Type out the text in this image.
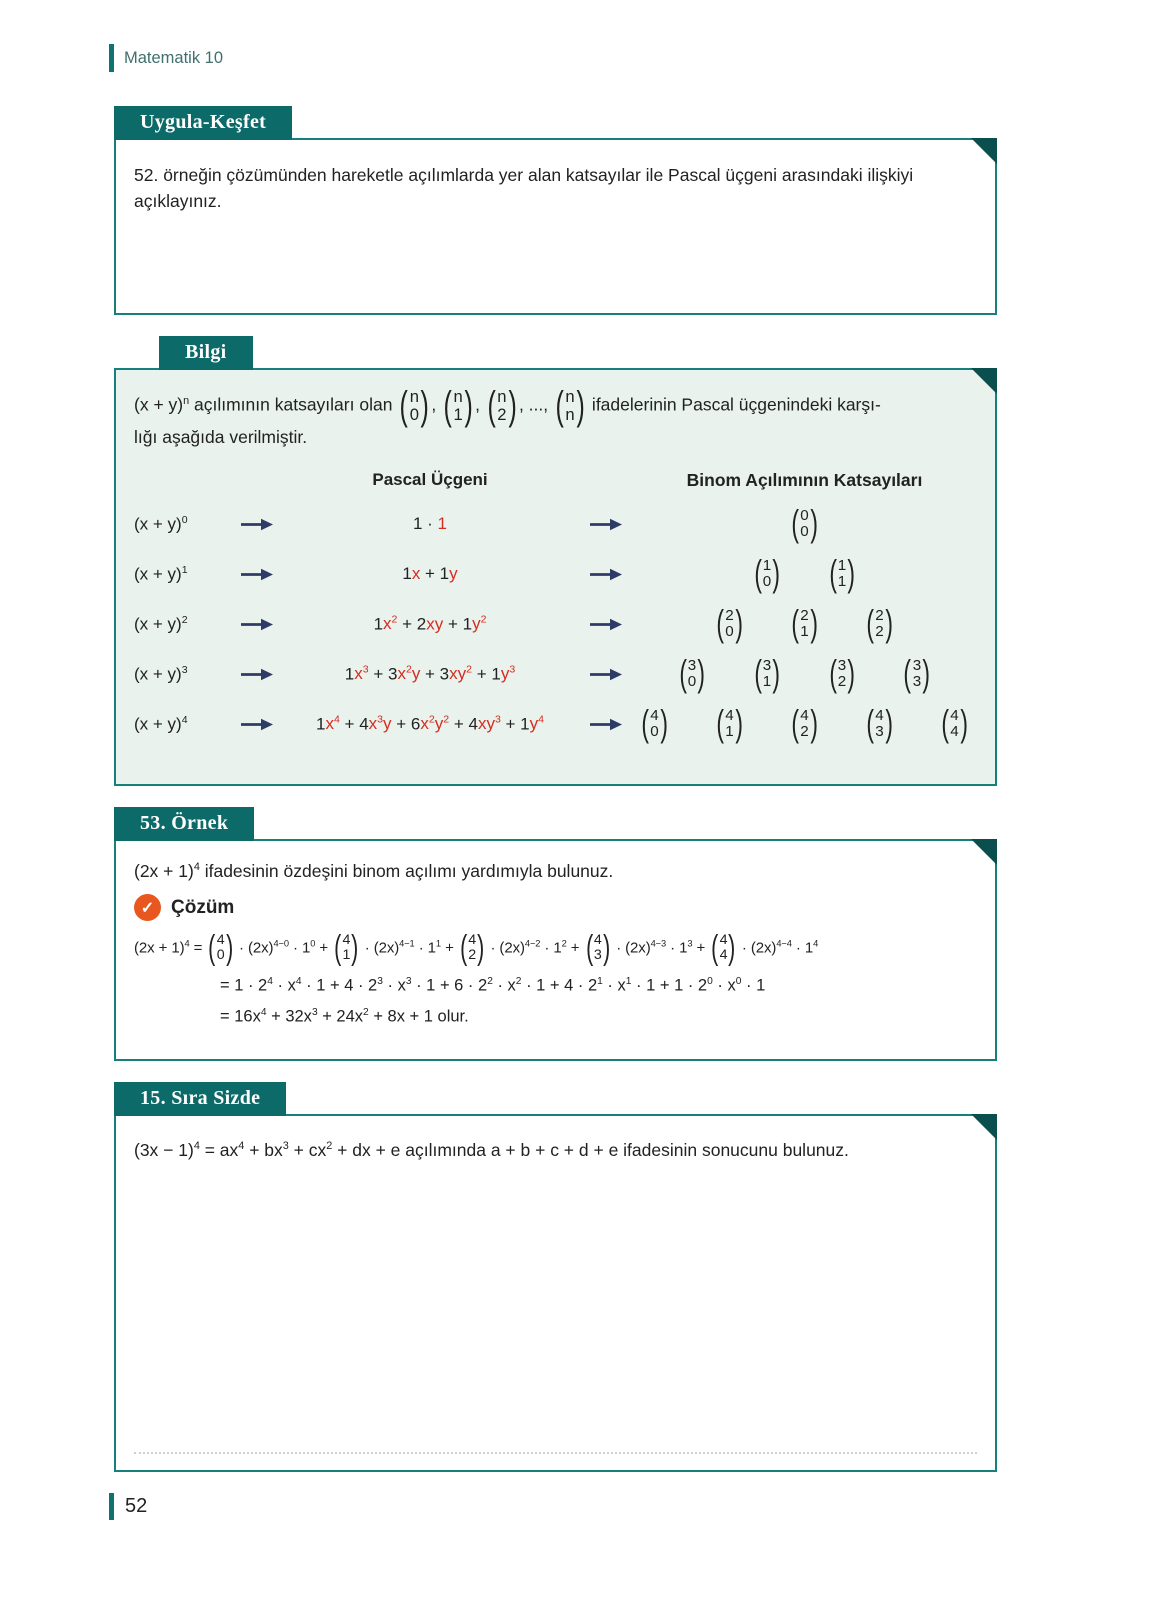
Matematik 10
Uygula-Keşfet

52. örneğin çözümünden hareketle açılımlarda yer alan katsayılar ile Pascal üçgeni arasındaki ilişkiyi açıklayınız.

Bilgi

$(x + y)^n$ açılımının katsayıları olan ( n
0 ) , ( n
1 ) , ( n
2 ) , ..., ( n
n ) ifadelerinin Pascal üçgenindeki karşı-
lığı aşağıda verilmiştir.

Pascal Üçgeni	Binom Açılımının Katsayıları
$(x + y)^0$	1 · 1	( 0
0 )
$(x + y)^1$	1x + 1y	( 1
0 ) ( 1
1 )
$(x + y)^2$	$1x^2 + 2xy + 1y^2$	( 2
0 ) ( 2
1 ) ( 2
2 )
$(x + y)^3$	$1x^3 + 3x^2y + 3xy^2 + 1y^3$	( 3
0 ) ( 3
1 ) ( 3
2 ) ( 3
3 )
$(x + y)^4$	$1x^4 + 4x^3y + 6x^2y^2 + 4xy^3 + 1y^4$	( 4
0 ) ( 4
1 ) ( 4
2 ) ( 4
3 ) ( 4
4 )
53. Örnek

$(2x + 1)^4$ ifadesinin özdeşini binom açılımı yardımıyla bulunuz.

✓ Çözüm
$(2x + 1)^4$ = ( 4
0 ) · $(2x)^{4-0} \cdot 1^0$ + ( 4
1 ) · $(2x)^{4-1} \cdot 1^1$ + ( 4
2 ) · $(2x)^{4-2} \cdot 1^2$ + ( 4
3 ) · $(2x)^{4-3} \cdot 1^3$ + ( 4
4 ) · $(2x)^{4-4} \cdot 1^4$
= $1 \cdot 2^4 \cdot x^4 \cdot 1 + 4 \cdot 2^3 \cdot x^3 \cdot 1 + 6 \cdot 2^2 \cdot x^2 \cdot 1 + 4 \cdot 2^1 \cdot x^1 \cdot 1 + 1 \cdot 2^0 \cdot x^0 \cdot 1$
= $16x^4 + 32x^3 + 24x^2 + 8x + 1$ olur.
15. Sıra Sizde

$(3x - 1)^4 = ax^4 + bx^3 + cx^2$ + dx + e açılımında a + b + c + d + e ifadesinin sonucunu bulunuz.

52
